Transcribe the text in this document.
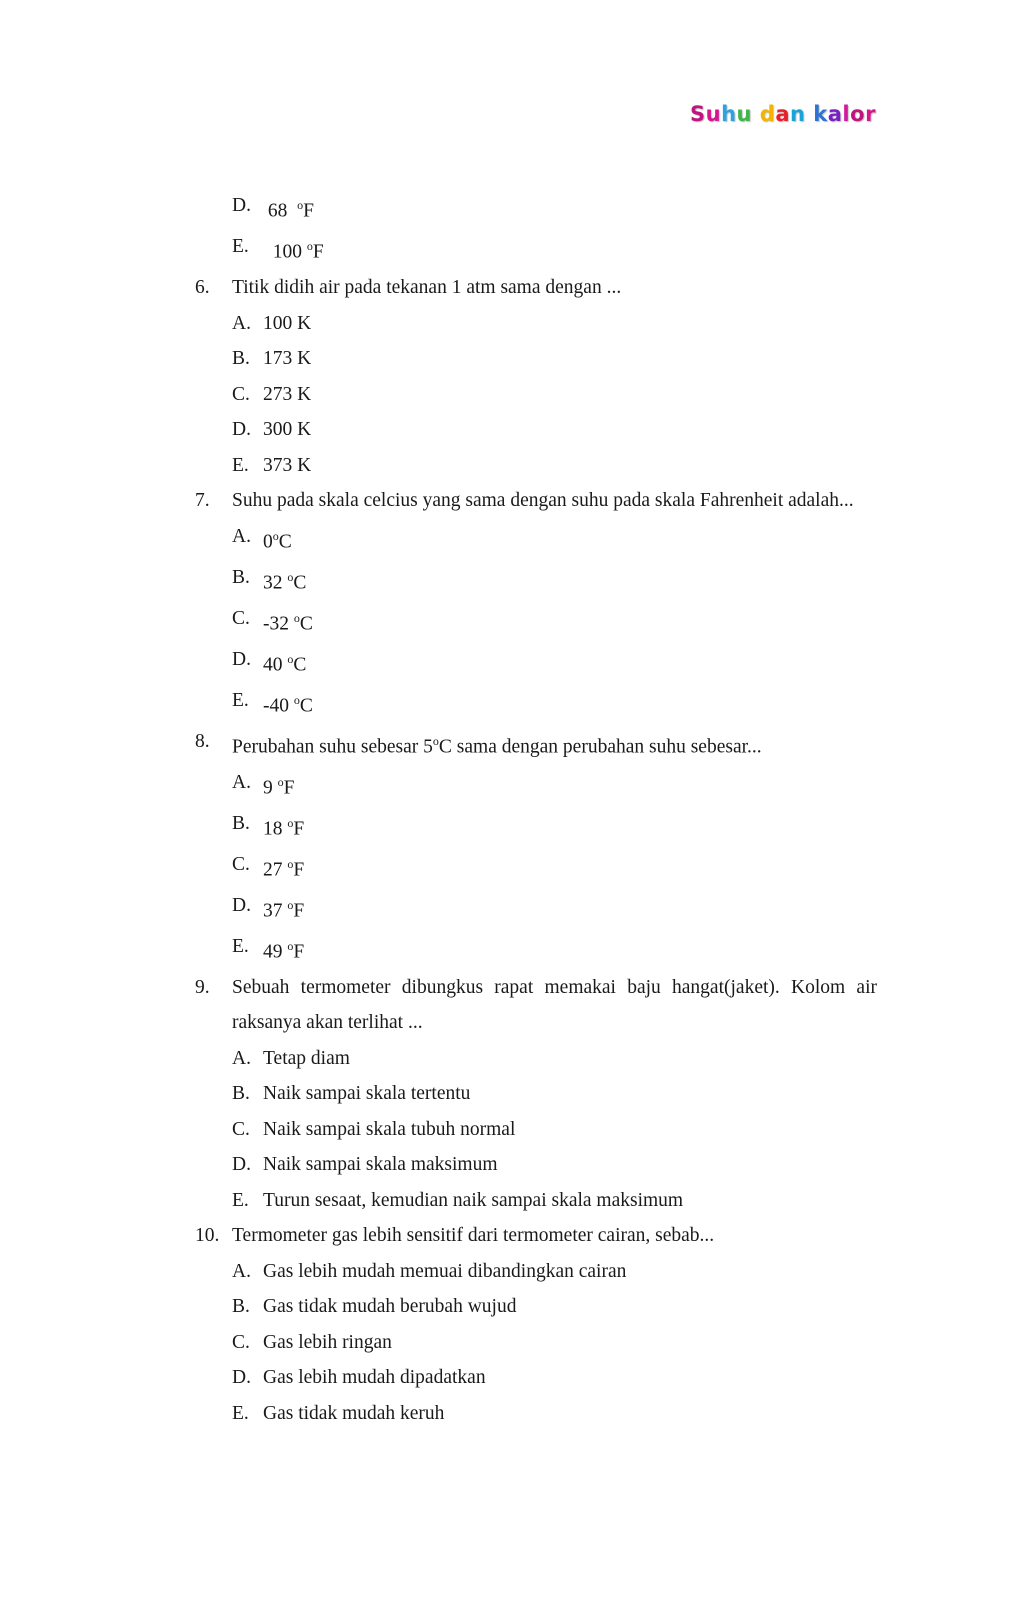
Suhu dan kalor
D. 68  $^o$F
E. 100 $^o$F
6.	Titik didih air pada tekanan 1 atm sama dengan ...
A. 100 K
B. 173 K
C. 273 K
D. 300 K
E. 373 K
7.	Suhu pada skala celcius yang sama dengan suhu pada skala Fahrenheit adalah...
A. 0$^o$C
B. 32 $^o$C
C. -32 $^o$C
D. 40 $^o$C
E. -40 $^o$C
8.	Perubahan suhu sebesar 5$^o$C sama dengan perubahan suhu sebesar...
A. 9 $^o$F
B. 18 $^o$F
C. 27 $^o$F
D. 37 $^o$F
E. 49 $^o$F
9.	Sebuah termometer dibungkus rapat memakai baju hangat(jaket). Kolom air raksanya akan terlihat ...
A. Tetap diam
B. Naik sampai skala tertentu
C. Naik sampai skala tubuh normal
D. Naik sampai skala maksimum
E. Turun sesaat, kemudian naik sampai skala maksimum
10. Termometer gas lebih sensitif dari termometer cairan, sebab...
A. Gas lebih mudah memuai dibandingkan cairan
B. Gas tidak mudah berubah wujud
C. Gas lebih ringan
D. Gas lebih mudah dipadatkan
E. Gas tidak mudah keruh
